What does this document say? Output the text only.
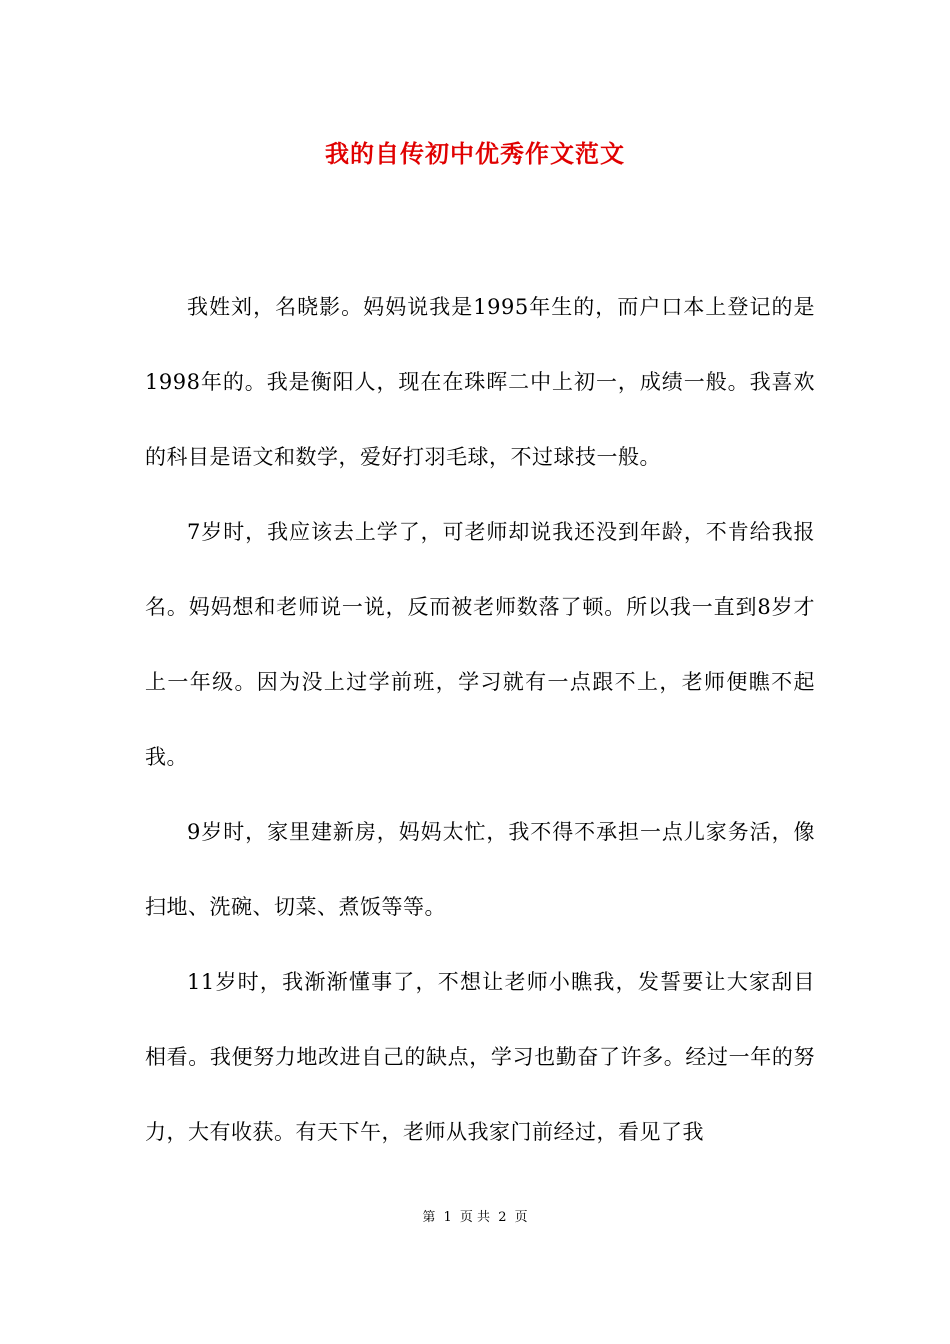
我的自传初中优秀作文范文

我姓刘，名晓影。妈妈说我是1995年生的，而户口本上登记的是1998年的。我是衡阳人，现在在珠晖二中上初一，成绩一般。我喜欢的科目是语文和数学，爱好打羽毛球，不过球技一般。

7岁时，我应该去上学了，可老师却说我还没到年龄，不肯给我报名。妈妈想和老师说一说，反而被老师数落了顿。所以我一直到8岁才上一年级。因为没上过学前班，学习就有一点跟不上，老师便瞧不起我。

9岁时，家里建新房，妈妈太忙，我不得不承担一点儿家务活，像扫地、洗碗、切菜、煮饭等等。

11岁时，我渐渐懂事了，不想让老师小瞧我，发誓要让大家刮目相看。我便努力地改进自己的缺点，学习也勤奋了许多。经过一年的努力，大有收获。有天下午，老师从我家门前经过，看见了我

第 1 页 共 2 页
